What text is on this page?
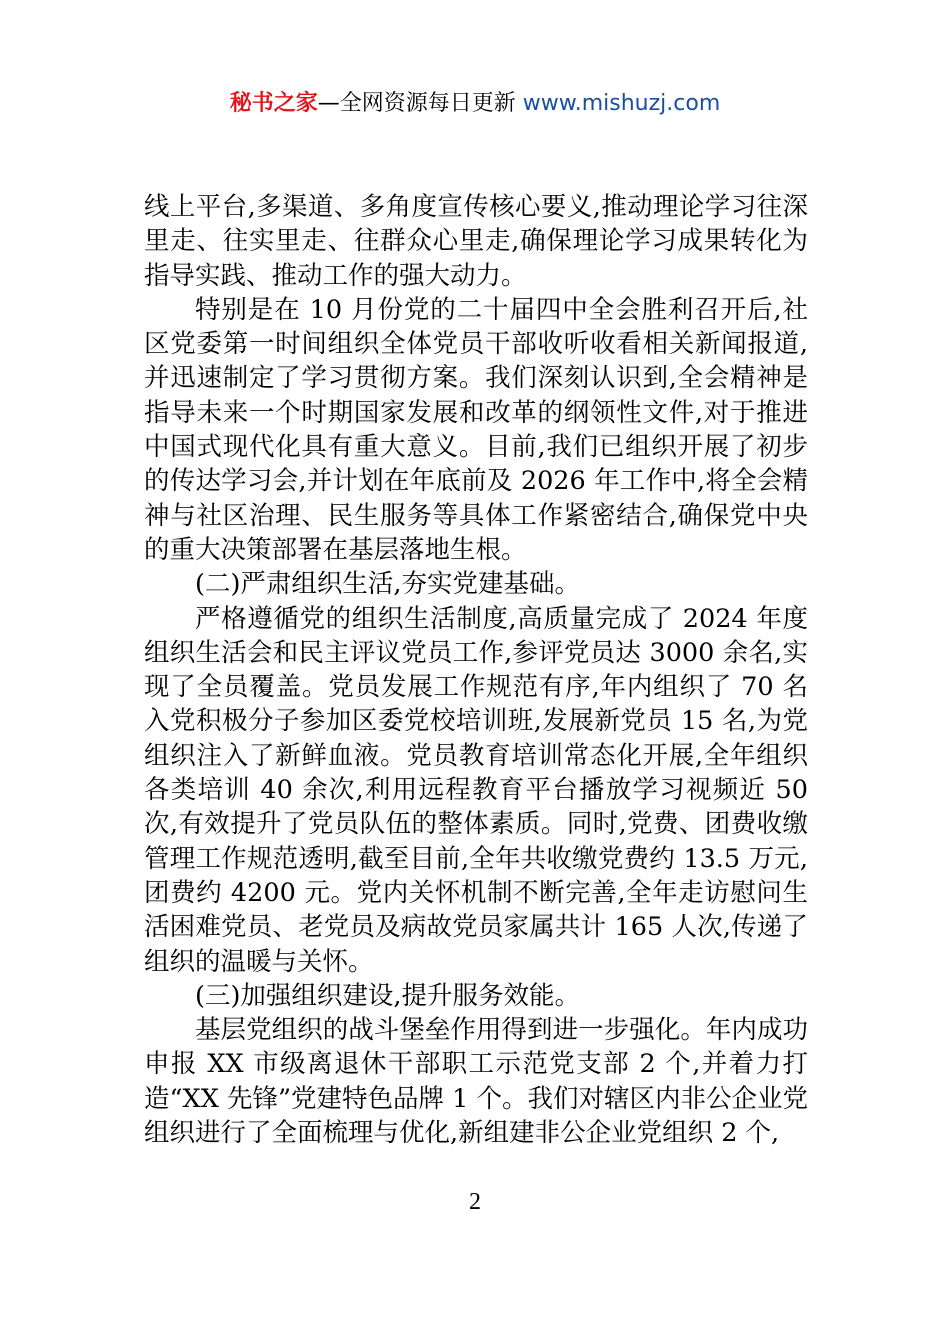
秘书之家—全网资源每日更新 www.mishuzj.com

线上平台,多渠道、多角度宣传核心要义,推动理论学习往深里走、往实里走、往群众心里走,确保理论学习成果转化为指导实践、推动工作的强大动力。

特别是在 10 月份党的二十届四中全会胜利召开后,社区党委第一时间组织全体党员干部收听收看相关新闻报道,并迅速制定了学习贯彻方案。我们深刻认识到,全会精神是指导未来一个时期国家发展和改革的纲领性文件,对于推进中国式现代化具有重大意义。目前,我们已组织开展了初步的传达学习会,并计划在年底前及 2026 年工作中,将全会精神与社区治理、民生服务等具体工作紧密结合,确保党中央的重大决策部署在基层落地生根。

(二)严肃组织生活,夯实党建基础。

严格遵循党的组织生活制度,高质量完成了 2024 年度组织生活会和民主评议党员工作,参评党员达 3000 余名,实现了全员覆盖。党员发展工作规范有序,年内组织了 70 名入党积极分子参加区委党校培训班,发展新党员 15 名,为党组织注入了新鲜血液。党员教育培训常态化开展,全年组织各类培训 40 余次,利用远程教育平台播放学习视频近 50 次,有效提升了党员队伍的整体素质。同时,党费、团费收缴管理工作规范透明,截至目前,全年共收缴党费约 13.5 万元,团费约 4200 元。党内关怀机制不断完善,全年走访慰问生活困难党员、老党员及病故党员家属共计 165 人次,传递了组织的温暖与关怀。

(三)加强组织建设,提升服务效能。

基层党组织的战斗堡垒作用得到进一步强化。年内成功申报 XX 市级离退休干部职工示范党支部 2 个,并着力打造“XX 先锋”党建特色品牌 1 个。我们对辖区内非公企业党组织进行了全面梳理与优化,新组建非公企业党组织 2 个,

2
